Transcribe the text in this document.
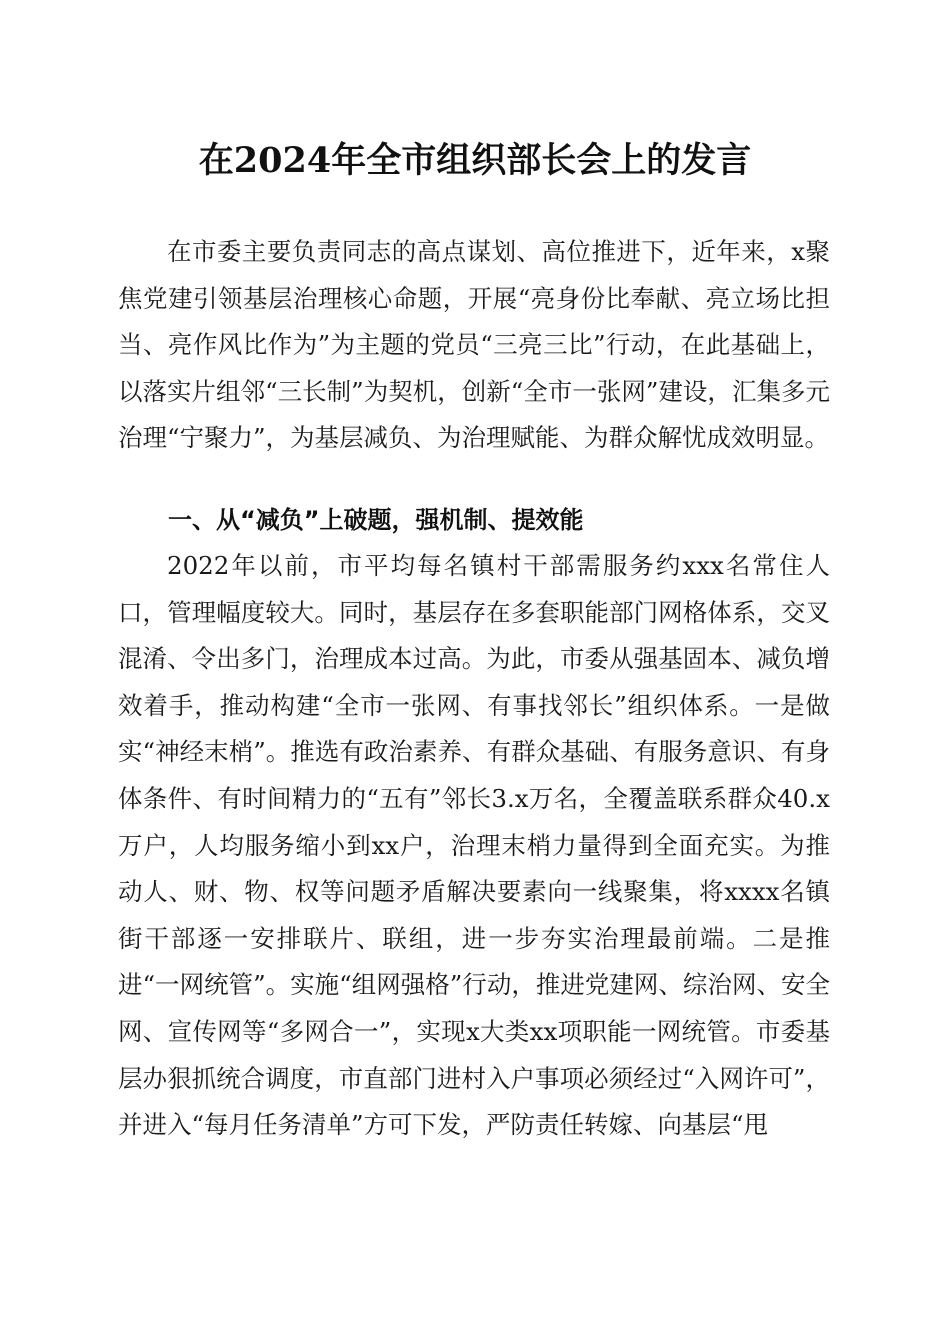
在2024年全市组织部长会上的发言

在市委主要负责同志的高点谋划、高位推进下，近年来，x聚焦党建引领基层治理核心命题，开展“亮身份比奉献、亮立场比担当、亮作风比作为”为主题的党员“三亮三比”行动，在此基础上，以落实片组邻“三长制”为契机，创新“全市一张网”建设，汇集多元治理“宁聚力”，为基层减负、为治理赋能、为群众解忧成效明显。

一、从“减负”上破题，强机制、提效能

2022年以前，市平均每名镇村干部需服务约xxx名常住人口，管理幅度较大。同时，基层存在多套职能部门网格体系，交叉混淆、令出多门，治理成本过高。为此，市委从强基固本、减负增效着手，推动构建“全市一张网、有事找邻长”组织体系。一是做实“神经末梢”。推选有政治素养、有群众基础、有服务意识、有身体条件、有时间精力的“五有”邻长3.x万名，全覆盖联系群众40.x万户，人均服务缩小到xx户，治理末梢力量得到全面充实。为推动人、财、物、权等问题矛盾解决要素向一线聚集，将xxxx名镇街干部逐一安排联片、联组，进一步夯实治理最前端。二是推进“一网统管”。实施“组网强格”行动，推进党建网、综治网、安全网、宣传网等“多网合一”，实现x大类xx项职能一网统管。市委基层办狠抓统合调度，市直部门进村入户事项必须经过“入网许可”，并进入“每月任务清单”方可下发，严防责任转嫁、向基层“甩
